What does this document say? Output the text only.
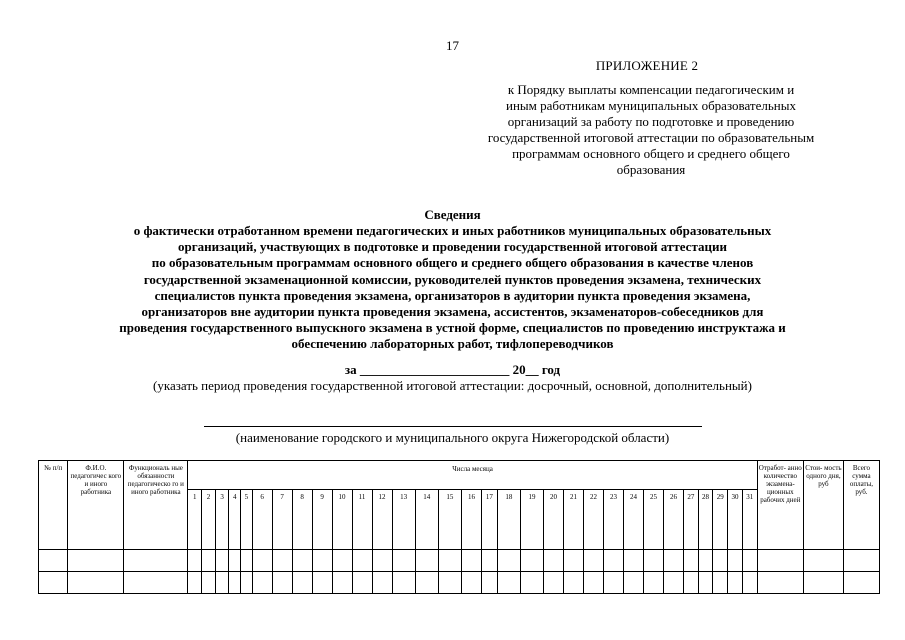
17
ПРИЛОЖЕНИЕ 2
к Порядку выплаты компенсации педагогическим и
иным работникам муниципальных образовательных
организаций за работу по подготовке и проведению
государственной итоговой аттестации по образовательным
программам основного общего и среднего общего
образования
Сведения
о фактически отработанном времени педагогических и иных работников муниципальных образовательных
организаций, участвующих в подготовке и проведении государственной итоговой аттестации
по образовательным программам основного общего и среднего общего образования в качестве членов
государственной экзаменационной комиссии, руководителей пунктов проведения экзамена, технических
специалистов пункта проведения экзамена, организаторов в аудитории пункта проведения экзамена,
организаторов вне аудитории пункта проведения экзамена, ассистентов, экзаменаторов-собеседников для
проведения государственного выпускного экзамена в устной форме, специалистов по проведению инструктажа и
обеспечению лабораторных работ, тифлопереводчиков
за _______________________ 20__ год
(указать период проведения государственной итоговой аттестации: досрочный, основной, дополнительный)
(наименование городского и муниципального округа Нижегородской области)
№ п/п	Ф.И.О. педагогичес кого и иного работника	Функциональ ные обязанности педагогическо го и иного работника	Числа месяца																															Отработ- анно количество экзамена- ционных рабочих дней	Стои- мость одного дня, руб	Всего сумма оплаты, руб.
			1	2	3	4	5	6	7	8	9	10	11	12	13	14	15	16	17	18	19	20	21	22	23	24	25	26	27	28	29	30	31			
